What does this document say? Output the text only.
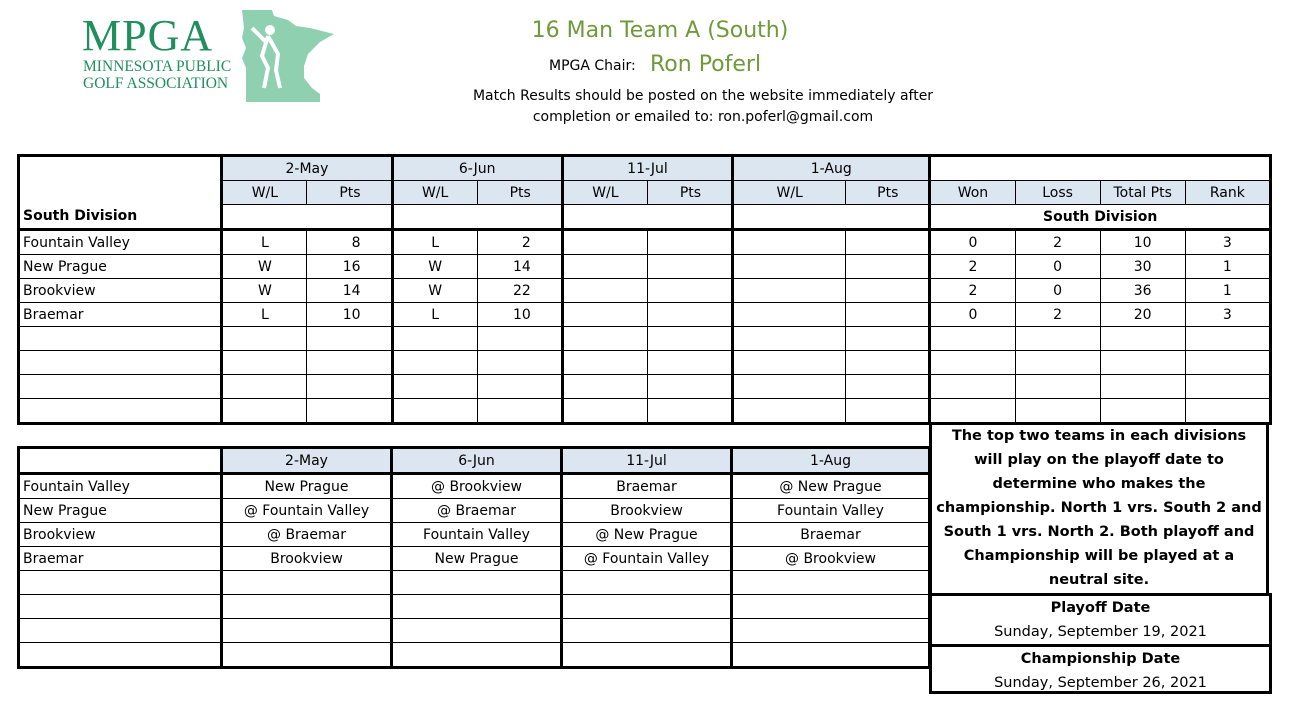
MPGA
MINNESOTA PUBLIC
GOLF ASSOCIATION
16 Man Team A (South)
MPGA Chair: Ron Poferl
Match Results should be posted on the website immediately after
completion or emailed to: ron.poferl@gmail.com
	2-May		6-Jun		11-Jul		1-Aug					
	W/L	Pts	W/L	Pts	W/L	Pts	W/L	Pts	Won	Loss	Total Pts	Rank
South Division									South Division			
Fountain Valley	L	8	L	2					0	2	10	3
New Prague	W	16	W	14					2	0	30	1
Brookview	W	14	W	22					2	0	36	1
Braemar	L	10	L	10					0	2	20	3

	2-May	6-Jun	11-Jul	1-Aug
Fountain Valley	New Prague	@ Brookview	Braemar	@ New Prague
New Prague	@ Fountain Valley	@ Braemar	Brookview	Fountain Valley
Brookview	@ Braemar	Fountain Valley	@ New Prague	Braemar
Braemar	Brookview	New Prague	@ Fountain Valley	@ Brookview

The top two teams in each divisions will play on the playoff date to determine who makes the championship. North 1 vrs. South 2 and South 1 vrs. North 2. Both playoff and Championship will be played at a neutral site.
Playoff Date
Sunday, September 19, 2021
Championship Date
Sunday, September 26, 2021
